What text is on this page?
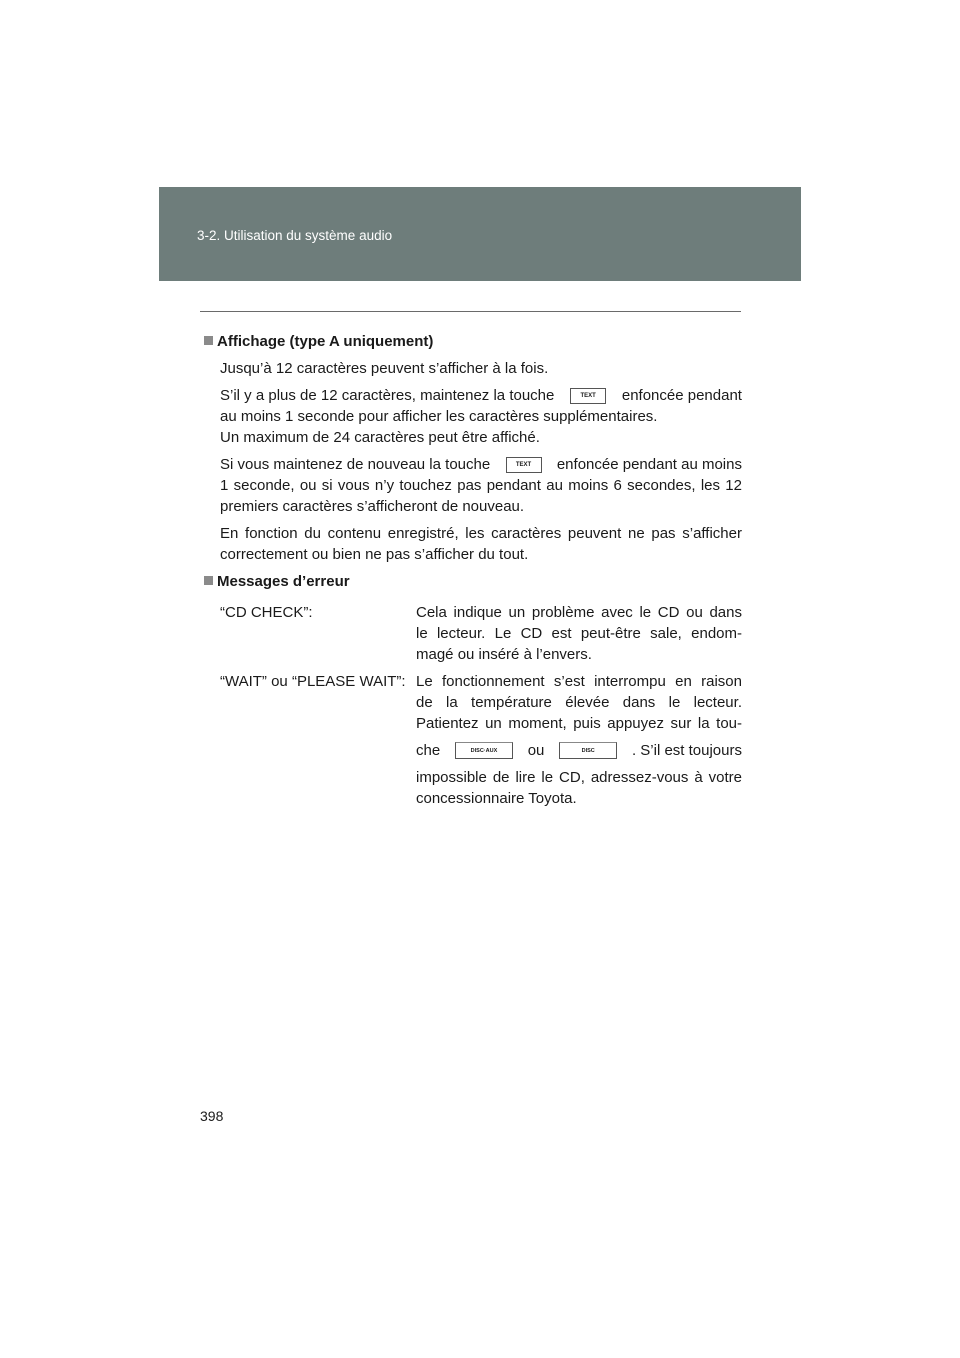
3-2. Utilisation du système audio
Affichage (type A uniquement)
Jusqu’à 12 caractères peuvent s’afficher à la fois.
S’il y a plus de 12 caractères, maintenez la touche	TEXT	enfoncée pendant
au moins 1 seconde pour afficher les caractères supplémentaires.
Un maximum de 24 caractères peut être affiché.
Si vous maintenez de nouveau la touche	TEXT	enfoncée pendant au moins
1 seconde, ou si vous n’y touchez pas pendant au moins 6 secondes, les 12
premiers caractères s’afficheront de nouveau.
En fonction du contenu enregistré, les caractères peuvent ne pas s’afficher
correctement ou bien ne pas s’afficher du tout.
Messages d’erreur
“CD CHECK”:	Cela indique un problème avec le CD ou dans
le lecteur. Le CD est peut-être sale, endom-
magé ou inséré à l’envers.
“WAIT” ou “PLEASE WAIT”: Le fonctionnement s’est interrompu en raison
de la température élevée dans le lecteur.
Patientez un moment, puis appuyez sur la tou-
che	DISC·AUX	ou	DISC	. S’il est toujours
impossible de lire le CD, adressez-vous à votre
concessionnaire Toyota.
398
